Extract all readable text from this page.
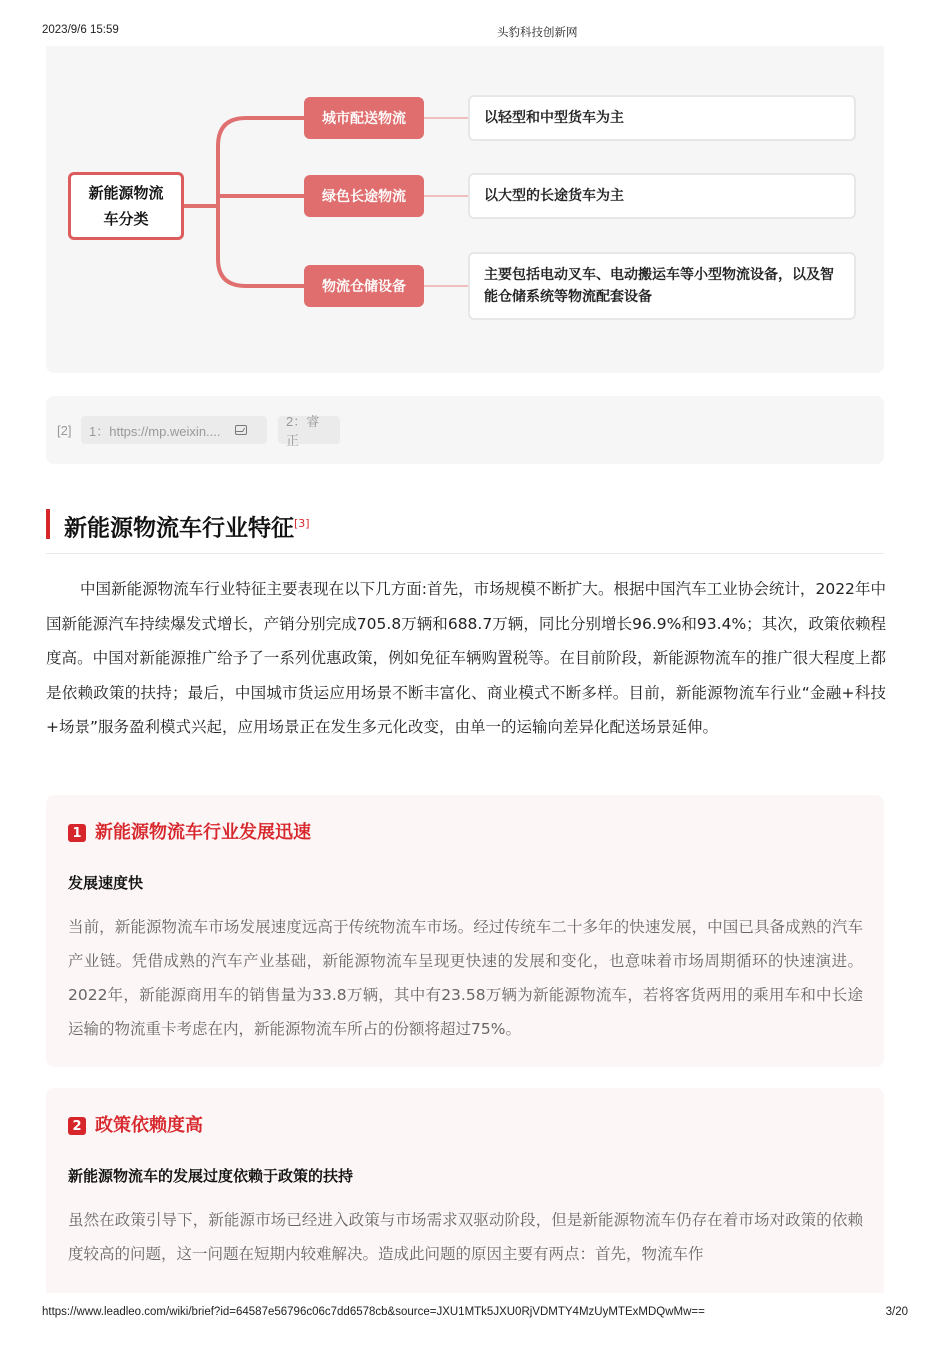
2023/9/6 15:59	头豹科技创新网
新能源物流车分类
城市配送物流	以轻型和中型货车为主
绿色长途物流	以大型的长途货车为主
物流仓储设备
主要包括电动叉车、电动搬运车等小型物流设备，以及智能仓储系统等物流配套设备
[2] 1：https://mp.weixin....
2：睿正
新能源物流车行业特征[3]
中国新能源物流车行业特征主要表现在以下几方面:首先，市场规模不断扩大。根据中国汽车工业协会统计，2022年中国新能源汽车持续爆发式增长，产销分别完成705.8万辆和688.7万辆，同比分别增长96.9%和93.4%；其次，政策依赖程度高。中国对新能源推广给予了一系列优惠政策，例如免征车辆购置税等。在目前阶段，新能源物流车的推广很大程度上都是依赖政策的扶持；最后，中国城市货运应用场景不断丰富化、商业模式不断多样。目前，新能源物流车行业“金融+科技+场景”服务盈利模式兴起，应用场景正在发生多元化改变，由单一的运输向差异化配送场景延伸。
1 新能源物流车行业发展迅速
发展速度快
当前，新能源物流车市场发展速度远高于传统物流车市场。经过传统车二十多年的快速发展，中国已具备成熟的汽车产业链。凭借成熟的汽车产业基础，新能源物流车呈现更快速的发展和变化，也意味着市场周期循环的快速演进。2022年，新能源商用车的销售量为33.8万辆，其中有23.58万辆为新能源物流车，若将客货两用的乘用车和中长途运输的物流重卡考虑在内，新能源物流车所占的份额将超过75%。
2 政策依赖度高
新能源物流车的发展过度依赖于政策的扶持
虽然在政策引导下，新能源市场已经进入政策与市场需求双驱动阶段，但是新能源物流车仍存在着市场对政策的依赖度较高的问题，这一问题在短期内较难解决。造成此问题的原因主要有两点：首先，物流车作
https://www.leadleo.com/wiki/brief?id=64587e56796c06c7dd6578cb&source=JXU1MTk5JXU0RjVDMTY4MzUyMTExMDQwMw==	3/20
